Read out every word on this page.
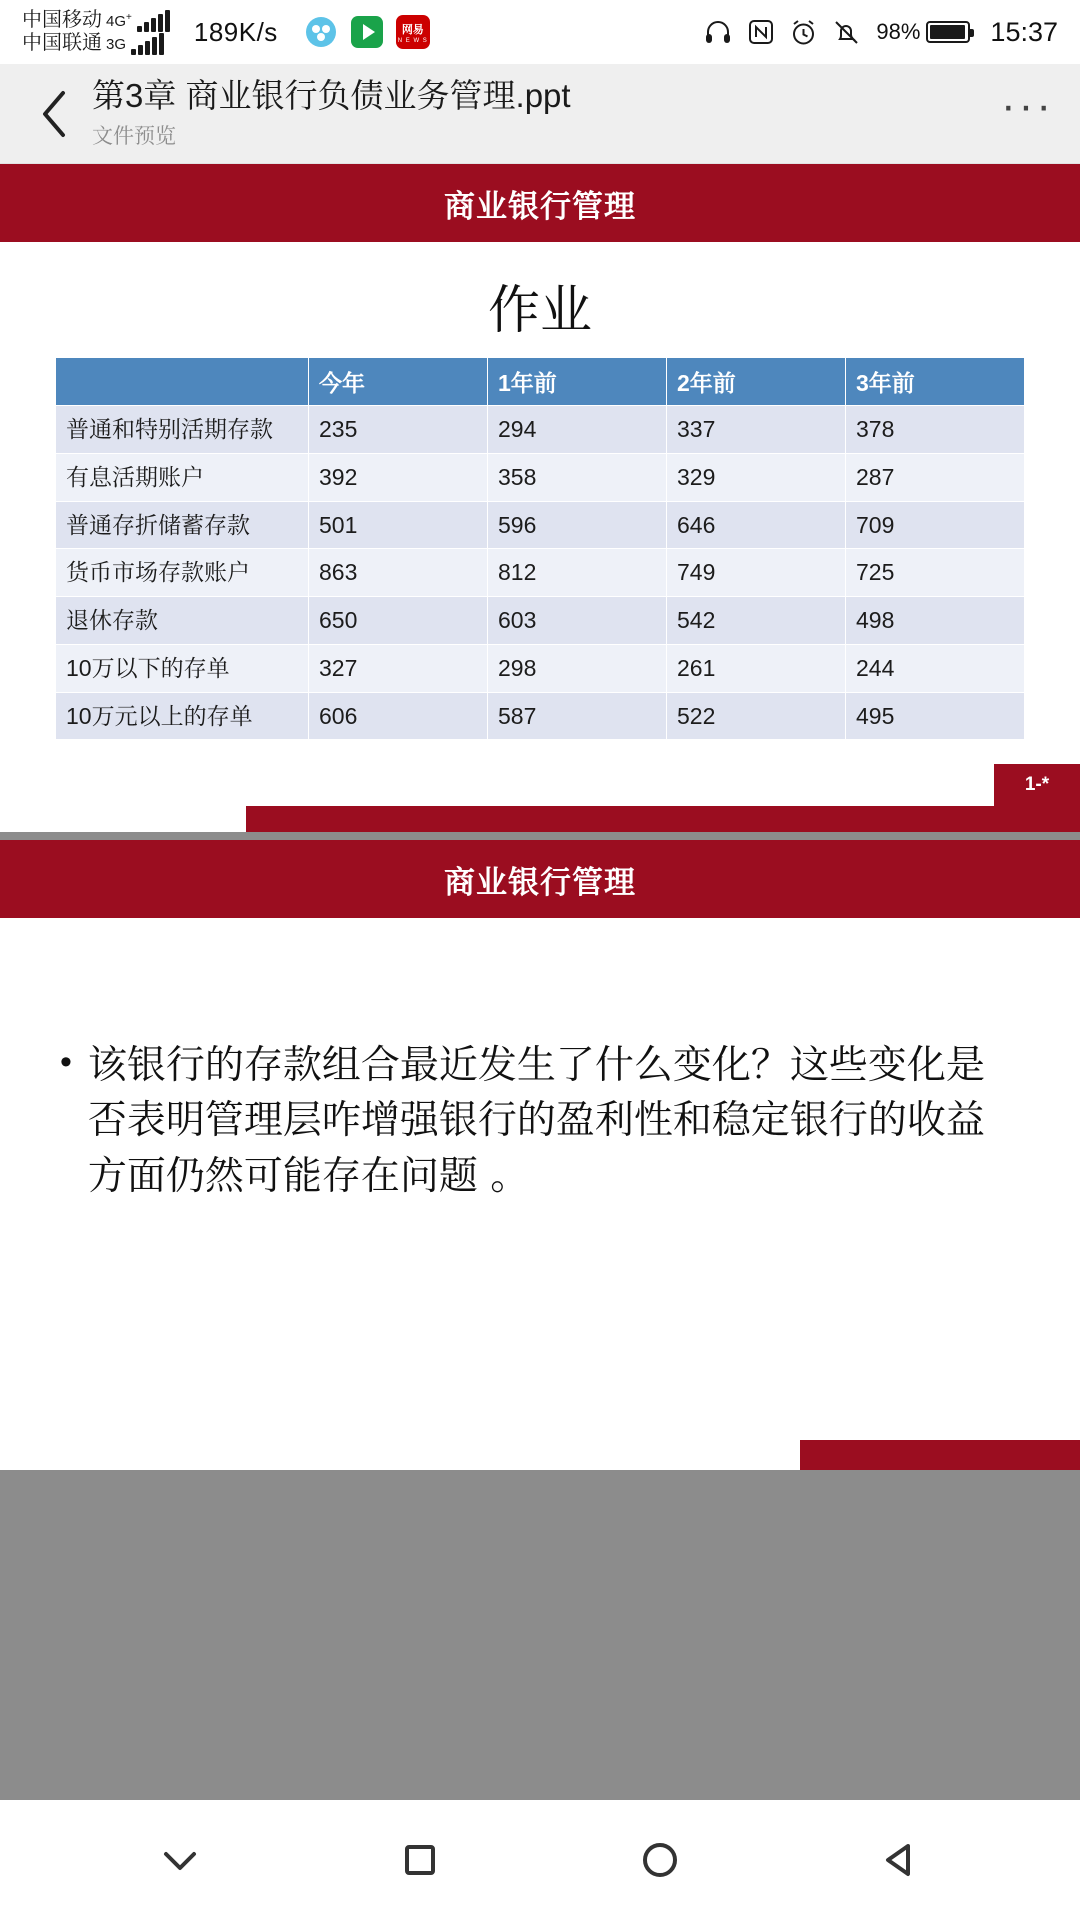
中国移动 4G+
中国联通 3G	189K/s	网易
N E W S	98%	15:37
第3章 商业银行负债业务管理.ppt
文件预览
···
商业银行管理
作业
	今年	1年前	2年前	3年前
普通和特别活期存款	235	294	337	378
有息活期账户	392	358	329	287
普通存折储蓄存款	501	596	646	709
货币市场存款账户	863	812	749	725
退休存款	650	603	542	498
10万以下的存单	327	298	261	244
10万元以上的存单	606	587	522	495
1-*
商业银行管理
• 该银行的存款组合最近发生了什么变化？这些变化是否表明管理层咋增强银行的盈利性和稳定银行的收益方面仍然可能存在问题 。
